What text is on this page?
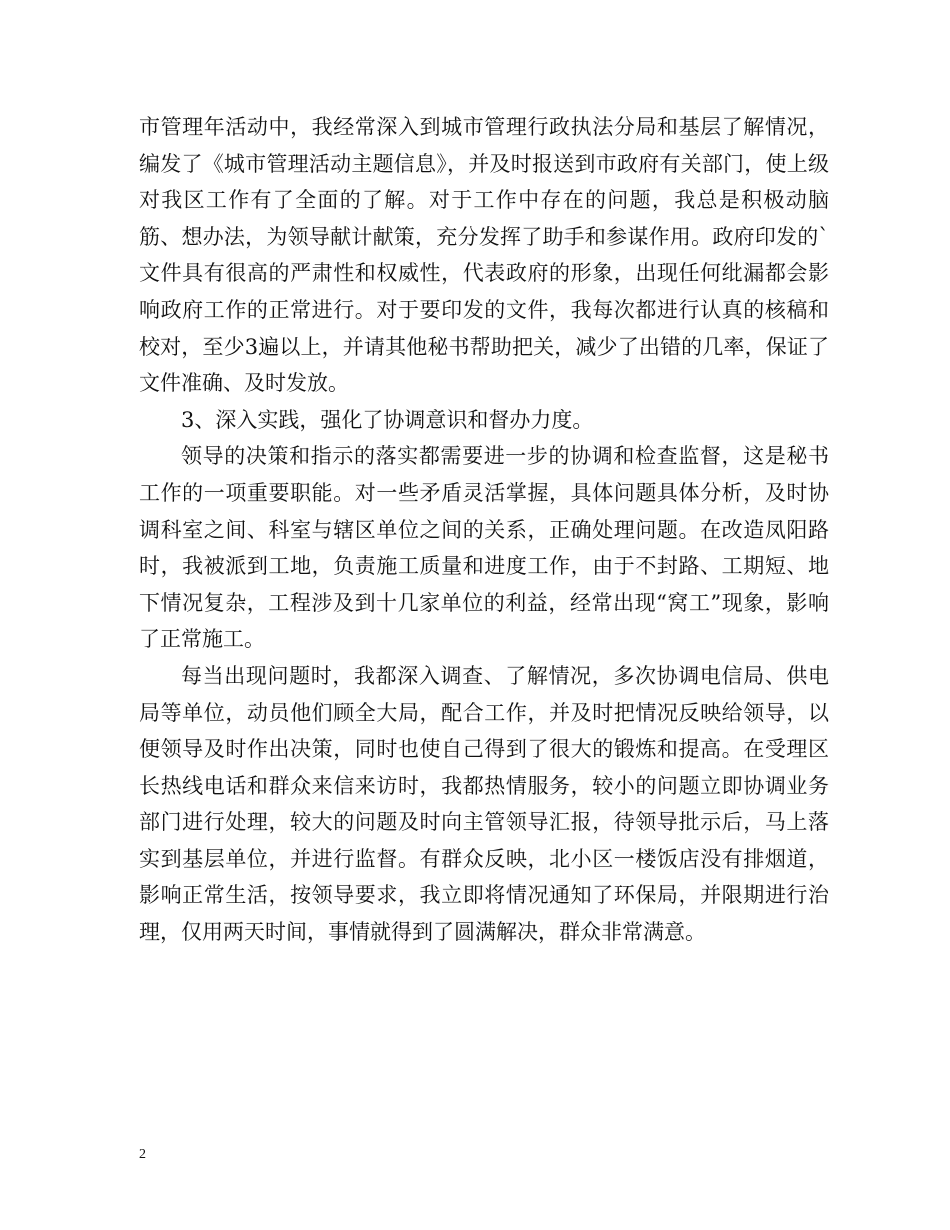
市管理年活动中，我经常深入到城市管理行政执法分局和基层了解情况，编发了《城市管理活动主题信息》，并及时报送到市政府有关部门，使上级对我区工作有了全面的了解。对于工作中存在的问题，我总是积极动脑筋、想办法，为领导献计献策，充分发挥了助手和参谋作用。政府印发的`文件具有很高的严肃性和权威性，代表政府的形象，出现任何纰漏都会影响政府工作的正常进行。对于要印发的文件，我每次都进行认真的核稿和校对，至少3遍以上，并请其他秘书帮助把关，减少了出错的几率，保证了文件准确、及时发放。

3、深入实践，强化了协调意识和督办力度。

领导的决策和指示的落实都需要进一步的协调和检查监督，这是秘书工作的一项重要职能。对一些矛盾灵活掌握，具体问题具体分析，及时协调科室之间、科室与辖区单位之间的关系，正确处理问题。在改造凤阳路时，我被派到工地，负责施工质量和进度工作，由于不封路、工期短、地下情况复杂，工程涉及到十几家单位的利益，经常出现“窝工”现象，影响了正常施工。

每当出现问题时，我都深入调查、了解情况，多次协调电信局、供电局等单位，动员他们顾全大局，配合工作，并及时把情况反映给领导，以便领导及时作出决策，同时也使自己得到了很大的锻炼和提高。在受理区长热线电话和群众来信来访时，我都热情服务，较小的问题立即协调业务部门进行处理，较大的问题及时向主管领导汇报，待领导批示后，马上落实到基层单位，并进行监督。有群众反映，北小区一楼饭店没有排烟道，影响正常生活，按领导要求，我立即将情况通知了环保局，并限期进行治理，仅用两天时间，事情就得到了圆满解决，群众非常满意。

2
